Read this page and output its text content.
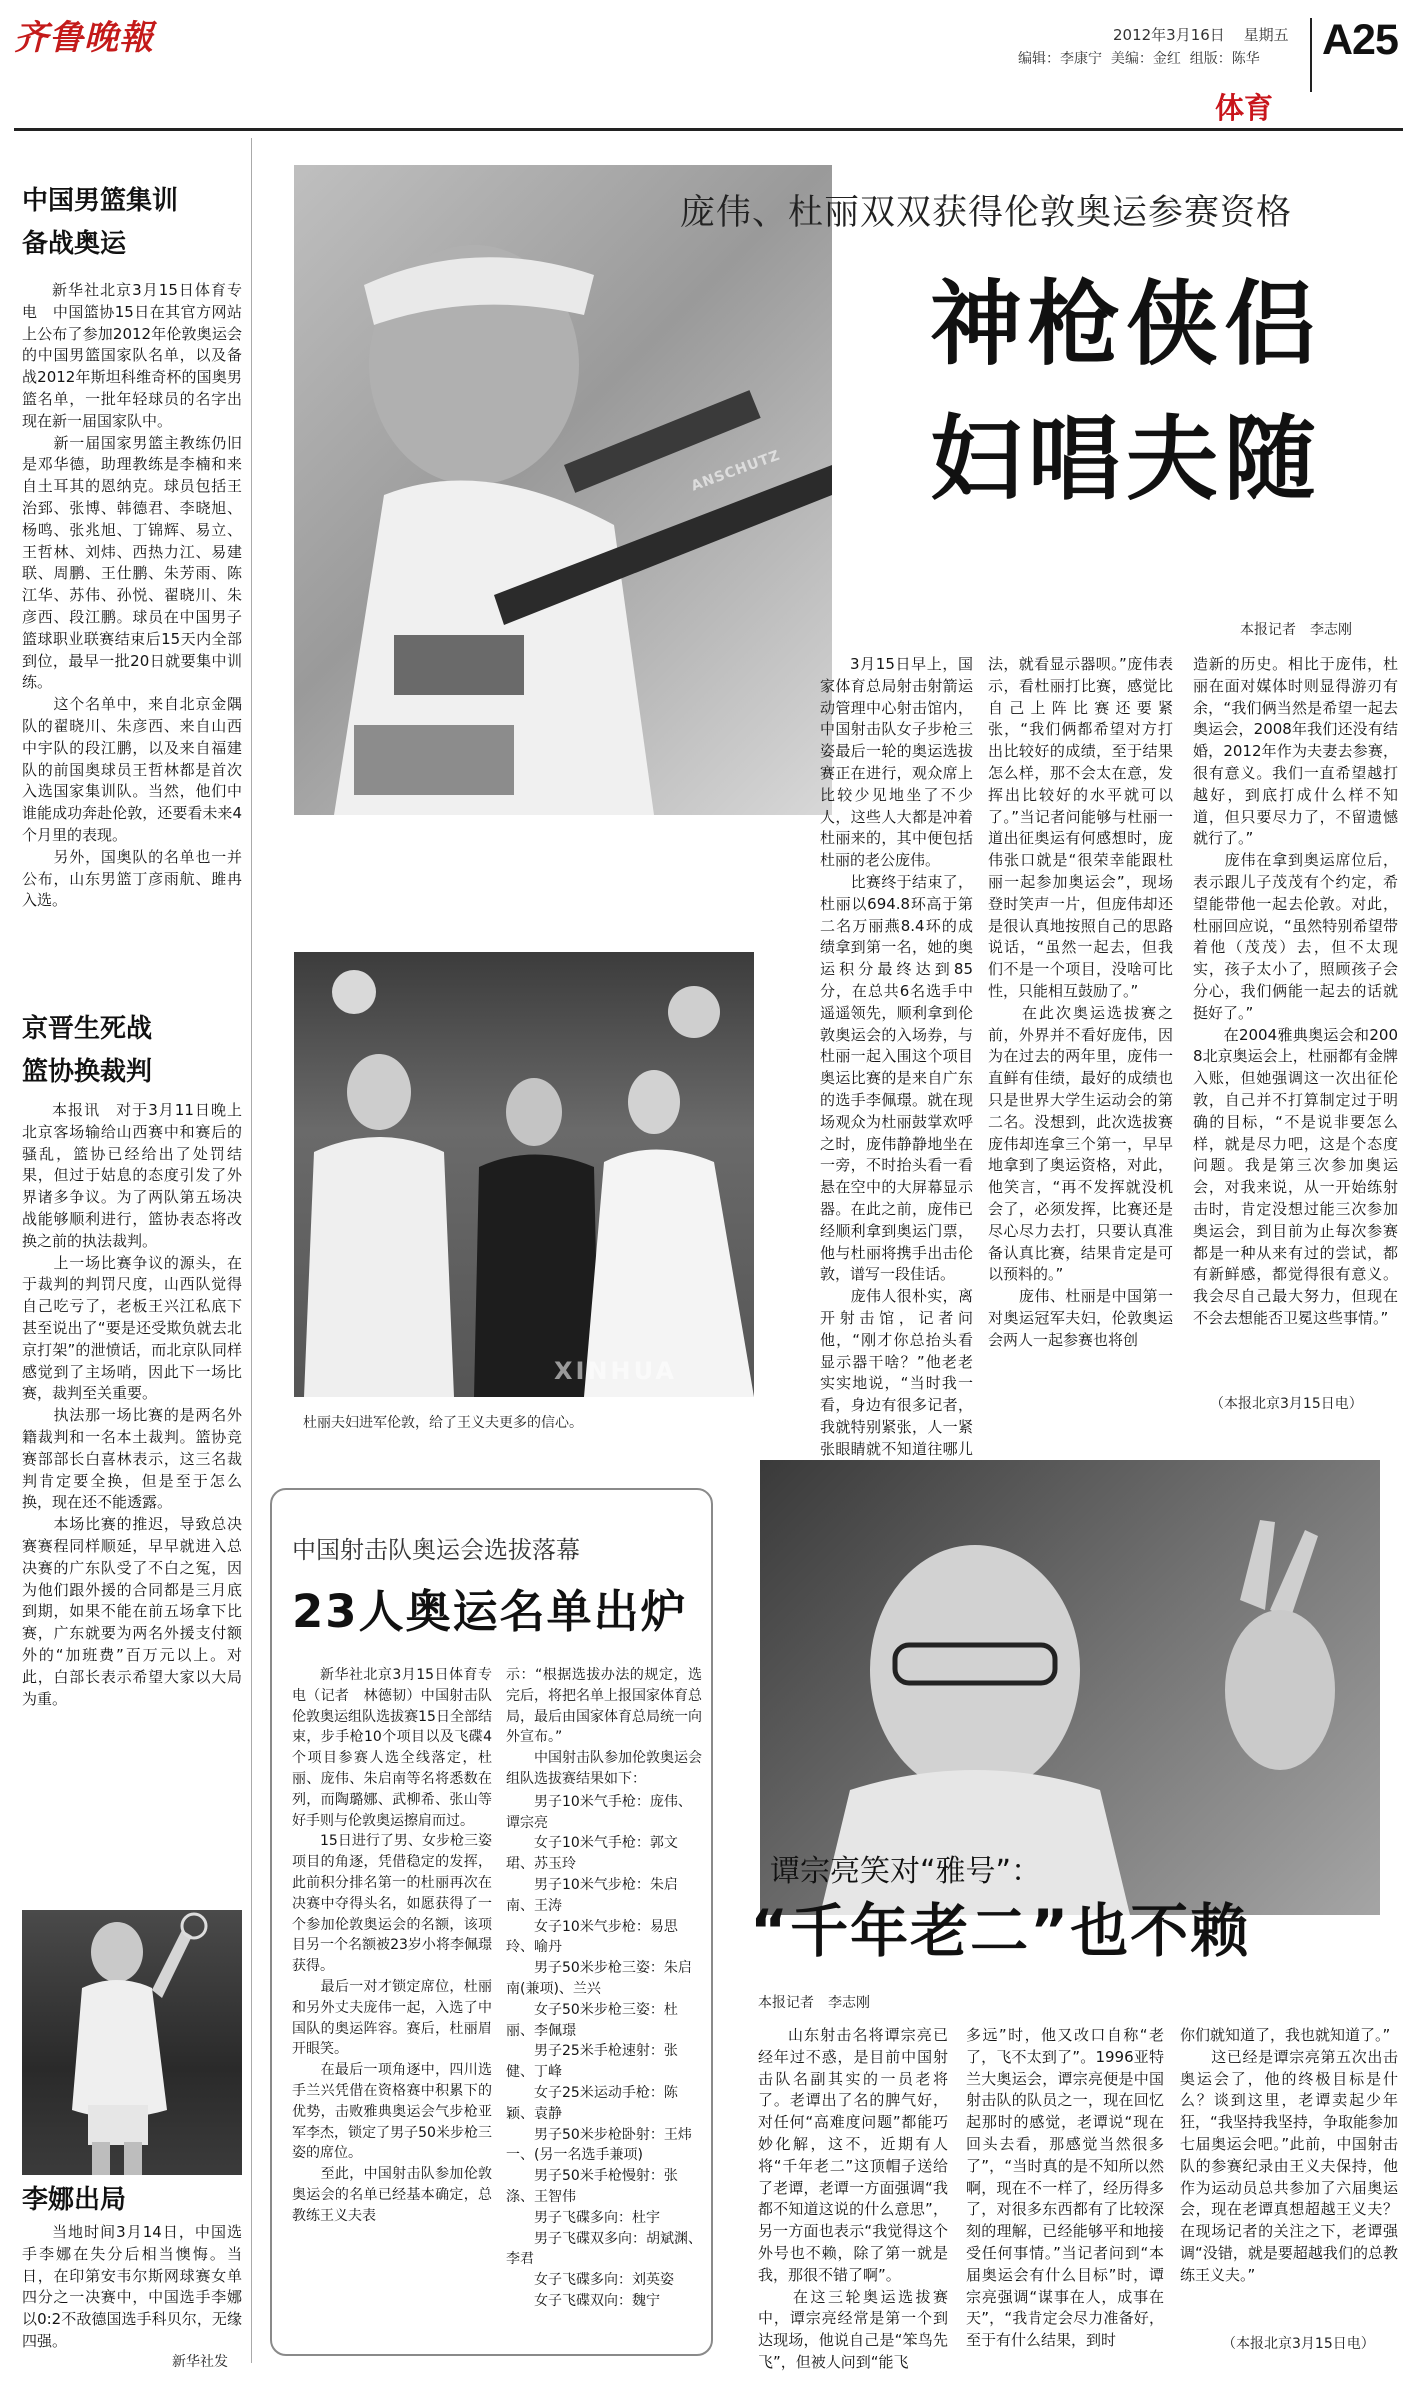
齐鲁晚報	2012年3月16日 星期五
编辑：李康宁  美编：金红  组版：陈华 A25
体育
中国男篮集训
备战奥运
新华社北京3月15日体育专电　中国篮协15日在其官方网站上公布了参加2012年伦敦奥运会的中国男篮国家队名单，以及备战2012年斯坦科维奇杯的国奥男篮名单，一批年轻球员的名字出现在新一届国家队中。
　　新一届国家男篮主教练仍旧是邓华德，助理教练是李楠和来自土耳其的恩纳克。球员包括王治郅、张博、韩德君、李晓旭、杨鸣、张兆旭、丁锦辉、易立、王哲林、刘炜、西热力江、易建联、周鹏、王仕鹏、朱芳雨、陈江华、苏伟、孙悦、翟晓川、朱彦西、段江鹏。球员在中国男子篮球职业联赛结束后15天内全部到位，最早一批20日就要集中训练。
　　这个名单中，来自北京金隅队的翟晓川、朱彦西、来自山西中宇队的段江鹏，以及来自福建队的前国奥球员王哲林都是首次入选国家集训队。当然，他们中谁能成功奔赴伦敦，还要看未来4个月里的表现。
　　另外，国奥队的名单也一并公布，山东男篮丁彦雨航、雎冉入选。
京晋生死战
篮协换裁判
本报讯　对于3月11日晚上北京客场输给山西赛中和赛后的骚乱，篮协已经给出了处罚结果，但过于姑息的态度引发了外界诸多争议。为了两队第五场决战能够顺利进行，篮协表态将改换之前的执法裁判。
　　上一场比赛争议的源头，在于裁判的判罚尺度，山西队觉得自己吃亏了，老板王兴江私底下甚至说出了“要是还受欺负就去北京打架”的泄愤话，而北京队同样感觉到了主场哨，因此下一场比赛，裁判至关重要。
　　执法那一场比赛的是两名外籍裁判和一名本土裁判。篮协竞赛部部长白喜林表示，这三名裁判肯定要全换，但是至于怎么换，现在还不能透露。
　　本场比赛的推迟，导致总决赛赛程同样顺延，早早就进入总决赛的广东队受了不白之冤，因为他们跟外援的合同都是三月底到期，如果不能在前五场拿下比赛，广东就要为两名外援支付额外的“加班费”百万元以上。对此，白部长表示希望大家以大局为重。
李娜出局
当地时间3月14日，中国选手李娜在失分后相当懊悔。当日，在印第安韦尔斯网球赛女单四分之一决赛中，中国选手李娜以0:2不敌德国选手科贝尔，无缘四强。
新华社发
ANSCHUTZ
庞伟、杜丽双双获得伦敦奥运参赛资格
神枪侠侣
妇唱夫随
本报记者　李志刚
3月15日早上，国家体育总局射击射箭运动管理中心射击馆内，中国射击队女子步枪三姿最后一轮的奥运选拔赛正在进行，观众席上比较少见地坐了不少人，这些人大都是冲着杜丽来的，其中便包括杜丽的老公庞伟。
　　比赛终于结束了，杜丽以694.8环高于第二名万丽燕8.4环的成绩拿到第一名，她的奥运积分最终达到85分，在总共6名选手中遥遥领先，顺利拿到伦敦奥运会的入场券，与杜丽一起入围这个项目奥运比赛的是来自广东的选手李佩璟。就在现场观众为杜丽鼓掌欢呼之时，庞伟静静地坐在一旁，不时抬头看一看悬在空中的大屏幕显示器。在此之前，庞伟已经顺利拿到奥运门票，他与杜丽将携手出击伦敦，谱写一段佳话。
　　庞伟人很朴实，离开射击馆，记者问他，“刚才你总抬头看显示器干啥？”他老老实实地说，“当时我一看，身边有很多记者，我就特别紧张，人一紧张眼睛就不知道往哪儿
法，就看显示器呗。”庞伟表示，看杜丽打比赛，感觉比自己上阵比赛还要紧张，“我们俩都希望对方打出比较好的成绩，至于结果怎么样，那不会太在意，发挥出比较好的水平就可以了。”当记者问能够与杜丽一道出征奥运有何感想时，庞伟张口就是“很荣幸能跟杜丽一起参加奥运会”，现场登时笑声一片，但庞伟却还是很认真地按照自己的思路说话，“虽然一起去，但我们不是一个项目，没啥可比性，只能相互鼓励了。”
　　在此次奥运选拔赛之前，外界并不看好庞伟，因为在过去的两年里，庞伟一直鲜有佳绩，最好的成绩也只是世界大学生运动会的第二名。没想到，此次选拔赛庞伟却连拿三个第一，早早地拿到了奥运资格，对此，他笑言，“再不发挥就没机会了，必须发挥，比赛还是尽心尽力去打，只要认真准备认真比赛，结果肯定是可以预料的。”
　　庞伟、杜丽是中国第一对奥运冠军夫妇，伦敦奥运会两人一起参赛也将创
造新的历史。相比于庞伟，杜丽在面对媒体时则显得游刃有余，“我们俩当然是希望一起去奥运会，2008年我们还没有结婚，2012年作为夫妻去参赛，很有意义。我们一直希望越打越好，到底打成什么样不知道，但只要尽力了，不留遗憾就行了。”
　　庞伟在拿到奥运席位后，表示跟儿子茂茂有个约定，希望能带他一起去伦敦。对此，杜丽回应说，“虽然特别希望带着他（茂茂）去，但不太现实，孩子太小了，照顾孩子会分心，我们俩能一起去的话就挺好了。”
　　在2004雅典奥运会和2008北京奥运会上，杜丽都有金牌入账，但她强调这一次出征伦敦，自己并不打算制定过于明确的目标，“不是说非要怎么样，就是尽力吧，这是个态度问题。我是第三次参加奥运会，对我来说，从一开始练射击时，肯定没想过能三次参加奥运会，到目前为止每次参赛都是一种从来有过的尝试，都有新鲜感，都觉得很有意义。我会尽自己最大努力，但现在不会去想能否卫冕这些事情。”
（本报北京3月15日电）
XINHUA
杜丽夫妇进军伦敦，给了王义夫更多的信心。
中国射击队奥运会选拔落幕
23人奥运名单出炉
新华社北京3月15日体育专电（记者　林德韧）中国射击队伦敦奥运组队选拔赛15日全部结束，步手枪10个项目以及飞碟4个项目参赛人选全线落定，杜丽、庞伟、朱启南等名将悉数在列，而陶璐娜、武柳希、张山等好手则与伦敦奥运擦肩而过。
　　15日进行了男、女步枪三姿项目的角逐，凭借稳定的发挥，此前积分排名第一的杜丽再次在决赛中夺得头名，如愿获得了一个参加伦敦奥运会的名额，该项目另一个名额被23岁小将李佩璟获得。
　　最后一对才锁定席位，杜丽和另外丈夫庞伟一起，入选了中国队的奥运阵容。赛后，杜丽眉开眼笑。
　　在最后一项角逐中，四川选手兰兴凭借在资格赛中积累下的优势，击败雅典奥运会气步枪亚军李杰，锁定了男子50米步枪三姿的席位。
　　至此，中国射击队参加伦敦奥运会的名单已经基本确定，总教练王义夫表
示：“根据选拔办法的规定，选完后，将把名单上报国家体育总局，最后由国家体育总局统一向外宣布。”
　　中国射击队参加伦敦奥运会组队选拔赛结果如下：
男子10米气手枪：庞伟、谭宗亮
女子10米气手枪：郭文珺、苏玉玲
男子10米气步枪：朱启南、王涛
女子10米气步枪：易思玲、喻丹
男子50米步枪三姿：朱启南(兼项)、兰兴
女子50米步枪三姿：杜丽、李佩璟
男子25米手枪速射：张健、丁峰
女子25米运动手枪：陈颖、袁静
男子50米步枪卧射：王炜一、(另一名选手兼项)
男子50米手枪慢射：张涤、王智伟
男子飞碟多向：杜宇
男子飞碟双多向：胡斌渊、李君
女子飞碟多向：刘英姿
女子飞碟双向：魏宁
谭宗亮笑对“雅号”：
“千年老二”也不赖
本报记者　李志刚
山东射击名将谭宗亮已经年过不惑，是目前中国射击队名副其实的一员老将了。老谭出了名的脾气好，对任何“高难度问题”都能巧妙化解，这不，近期有人将“千年老二”这顶帽子送给了老谭，老谭一方面强调“我都不知道这说的什么意思”，另一方面也表示“我觉得这个外号也不赖，除了第一就是我，那很不错了啊”。
　　在这三轮奥运选拔赛中，谭宗亮经常是第一个到达现场，他说自己是“笨鸟先飞”，但被人问到“能飞
多远”时，他又改口自称“老了，飞不太到了”。1996亚特兰大奥运会，谭宗亮便是中国射击队的队员之一，现在回忆起那时的感觉，老谭说“现在回头去看，那感觉当然很多了”，“当时真的是不知所以然啊，现在不一样了，经历得多了，对很多东西都有了比较深刻的理解，已经能够平和地接受任何事情。”当记者问到“本届奥运会有什么目标”时，谭宗亮强调“谋事在人，成事在天”，“我肯定会尽力准备好，至于有什么结果，到时
你们就知道了，我也就知道了。”
　　这已经是谭宗亮第五次出击奥运会了，他的终极目标是什么？谈到这里，老谭卖起少年狂，“我坚持我坚持，争取能参加七届奥运会吧。”此前，中国射击队的参赛纪录由王义夫保持，他作为运动员总共参加了六届奥运会，现在老谭真想超越王义夫？在现场记者的关注之下，老谭强调“没错，就是要超越我们的总教练王义夫。”
（本报北京3月15日电）
